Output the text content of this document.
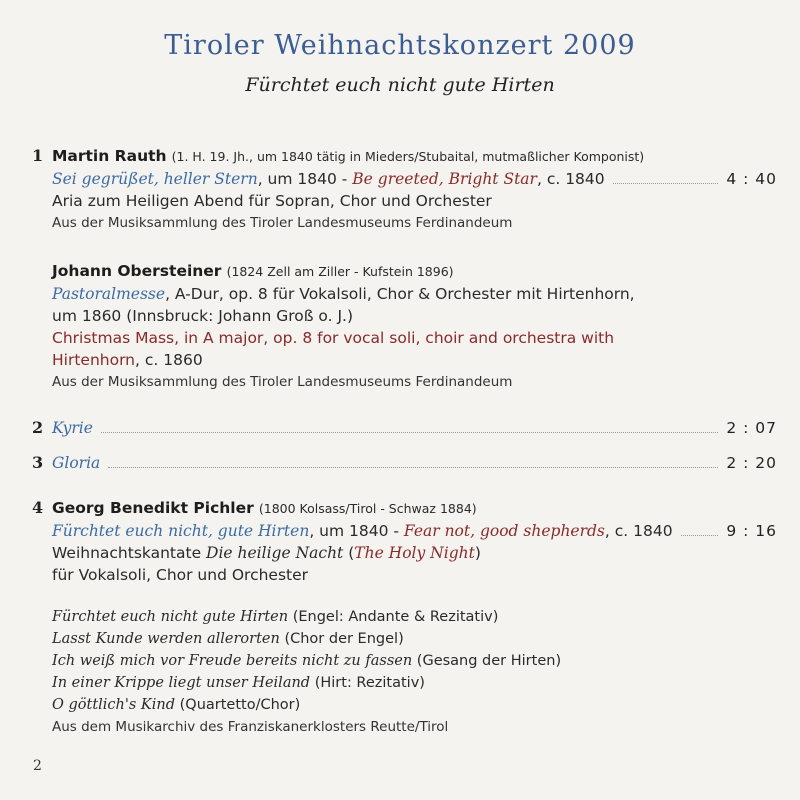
Tiroler Weihnachtskonzert 2009
Fürchtet euch nicht gute Hirten
1 Martin Rauth (1. H. 19. Jh., um 1840 tätig in Mieders/Stubaital, mutmaßlicher Komponist)
Sei gegrüßet, heller Stern, um 1840 - Be greeted, Bright Star, c. 1840	4 : 40
Aria zum Heiligen Abend für Sopran, Chor und Orchester
Aus der Musiksammlung des Tiroler Landesmuseums Ferdinandeum
Johann Obersteiner (1824 Zell am Ziller - Kufstein 1896)
Pastoralmesse, A-Dur, op. 8 für Vokalsoli, Chor & Orchester mit Hirtenhorn,
um 1860 (Innsbruck: Johann Groß o. J.)
Christmas Mass, in A major, op. 8 for vocal soli, choir and orchestra with
Hirtenhorn, c. 1860
Aus der Musiksammlung des Tiroler Landesmuseums Ferdinandeum
2 Kyrie	2 : 07
3 Gloria	2 : 20
4 Georg Benedikt Pichler (1800 Kolsass/Tirol - Schwaz 1884)
Fürchtet euch nicht, gute Hirten, um 1840 - Fear not, good shepherds, c. 1840	9 : 16
Weihnachtskantate Die heilige Nacht (The Holy Night)
für Vokalsoli, Chor und Orchester
Fürchtet euch nicht gute Hirten (Engel: Andante & Rezitativ)
Lasst Kunde werden allerorten (Chor der Engel)
Ich weiß mich vor Freude bereits nicht zu fassen (Gesang der Hirten)
In einer Krippe liegt unser Heiland (Hirt: Rezitativ)
O göttlich's Kind (Quartetto/Chor)
Aus dem Musikarchiv des Franziskanerklosters Reutte/Tirol
2
